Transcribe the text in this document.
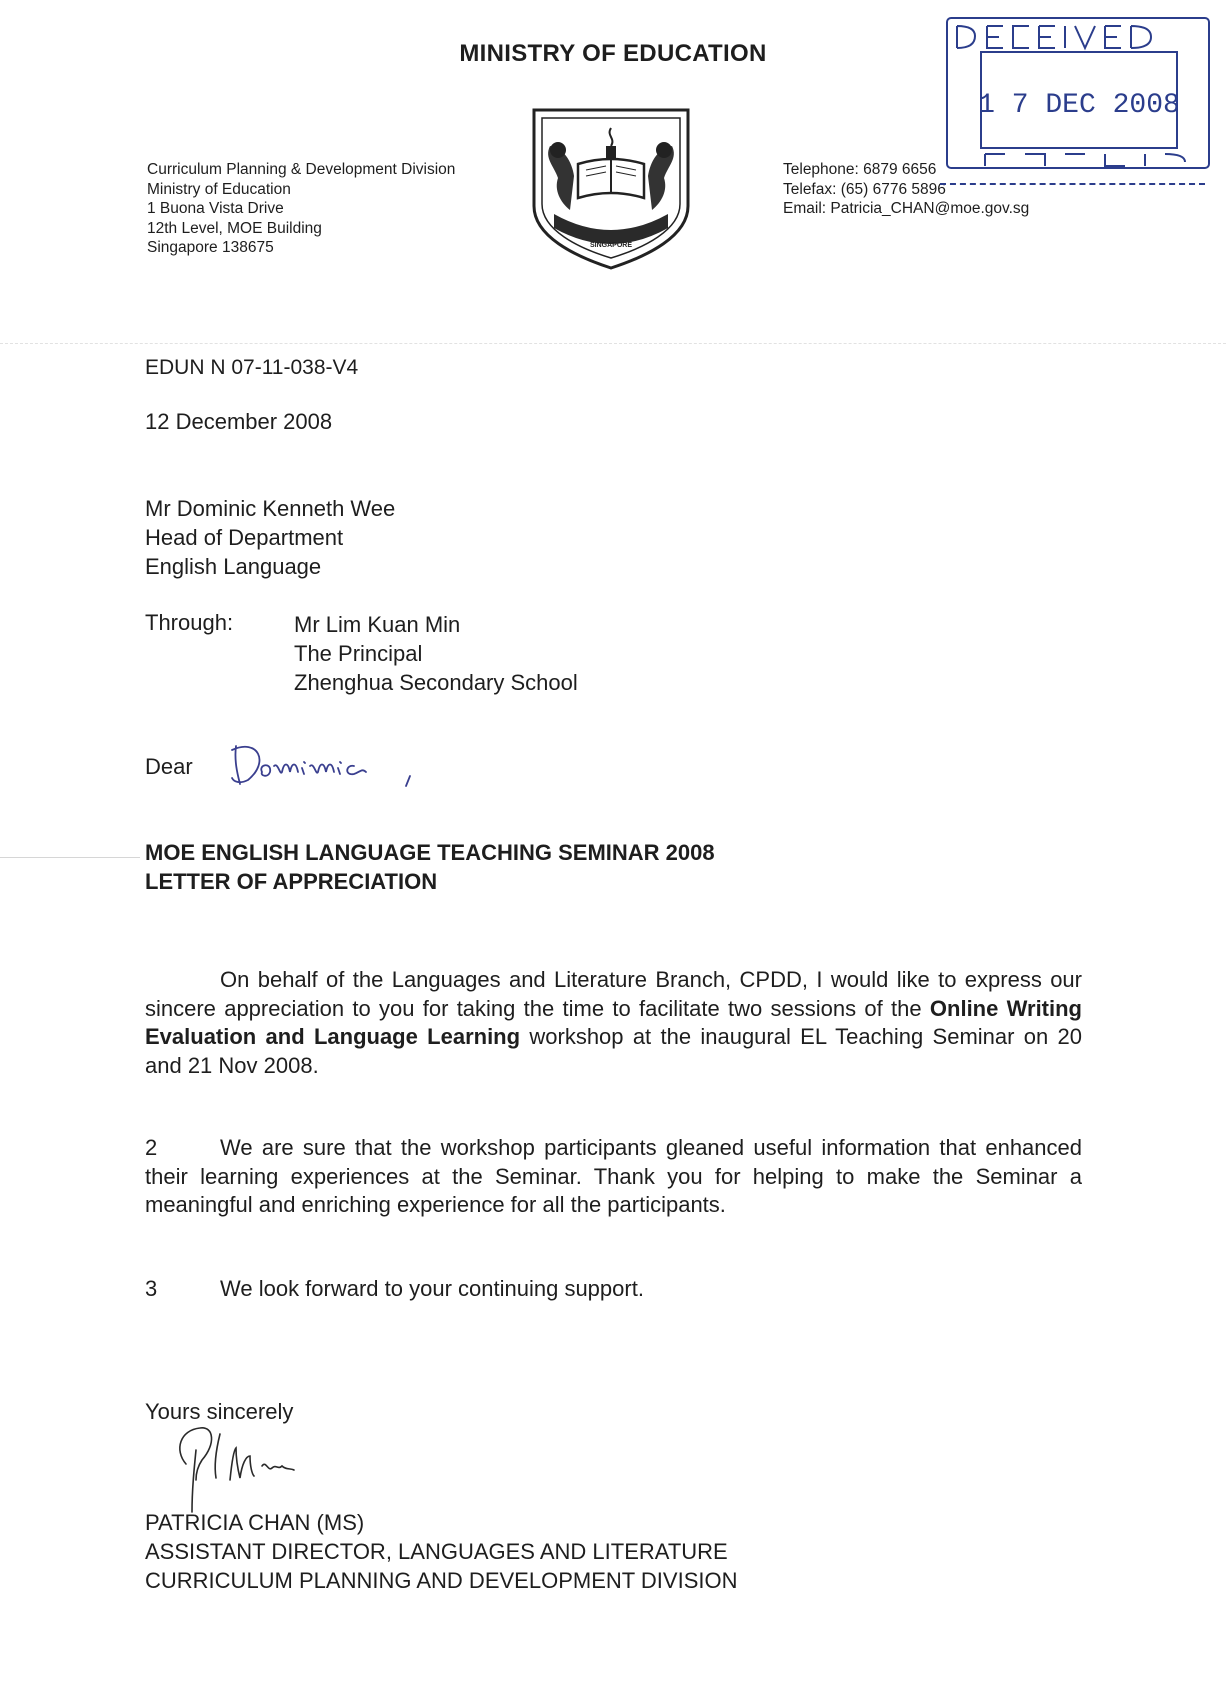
MINISTRY OF EDUCATION
Curriculum Planning & Development Division
Ministry of Education
1 Buona Vista Drive
12th Level, MOE Building
Singapore 138675	SINGAPORE
Telephone: 6879 6656
Telefax: (65) 6776 5896
Email: Patricia_CHAN@moe.gov.sg
1 7 DEC 2008
EDUN N 07-11-038-V4
12 December 2008
Mr Dominic Kenneth Wee
Head of Department
English Language
Through:	Mr Lim Kuan Min
The Principal
Zhenghua Secondary School
Dear
MOE ENGLISH LANGUAGE TEACHING SEMINAR 2008
LETTER OF APPRECIATION
On behalf of the Languages and Literature Branch, CPDD, I would like to express our sincere appreciation to you for taking the time to facilitate two sessions of the Online Writing Evaluation and Language Learning workshop at the inaugural EL Teaching Seminar on 20 and 21 Nov 2008.
2	We are sure that the workshop participants gleaned useful information that enhanced their learning experiences at the Seminar. Thank you for helping to make the Seminar a meaningful and enriching experience for all the participants.
3	We look forward to your continuing support.
Yours sincerely
PATRICIA CHAN (MS)
ASSISTANT DIRECTOR, LANGUAGES AND LITERATURE
CURRICULUM PLANNING AND DEVELOPMENT DIVISION
